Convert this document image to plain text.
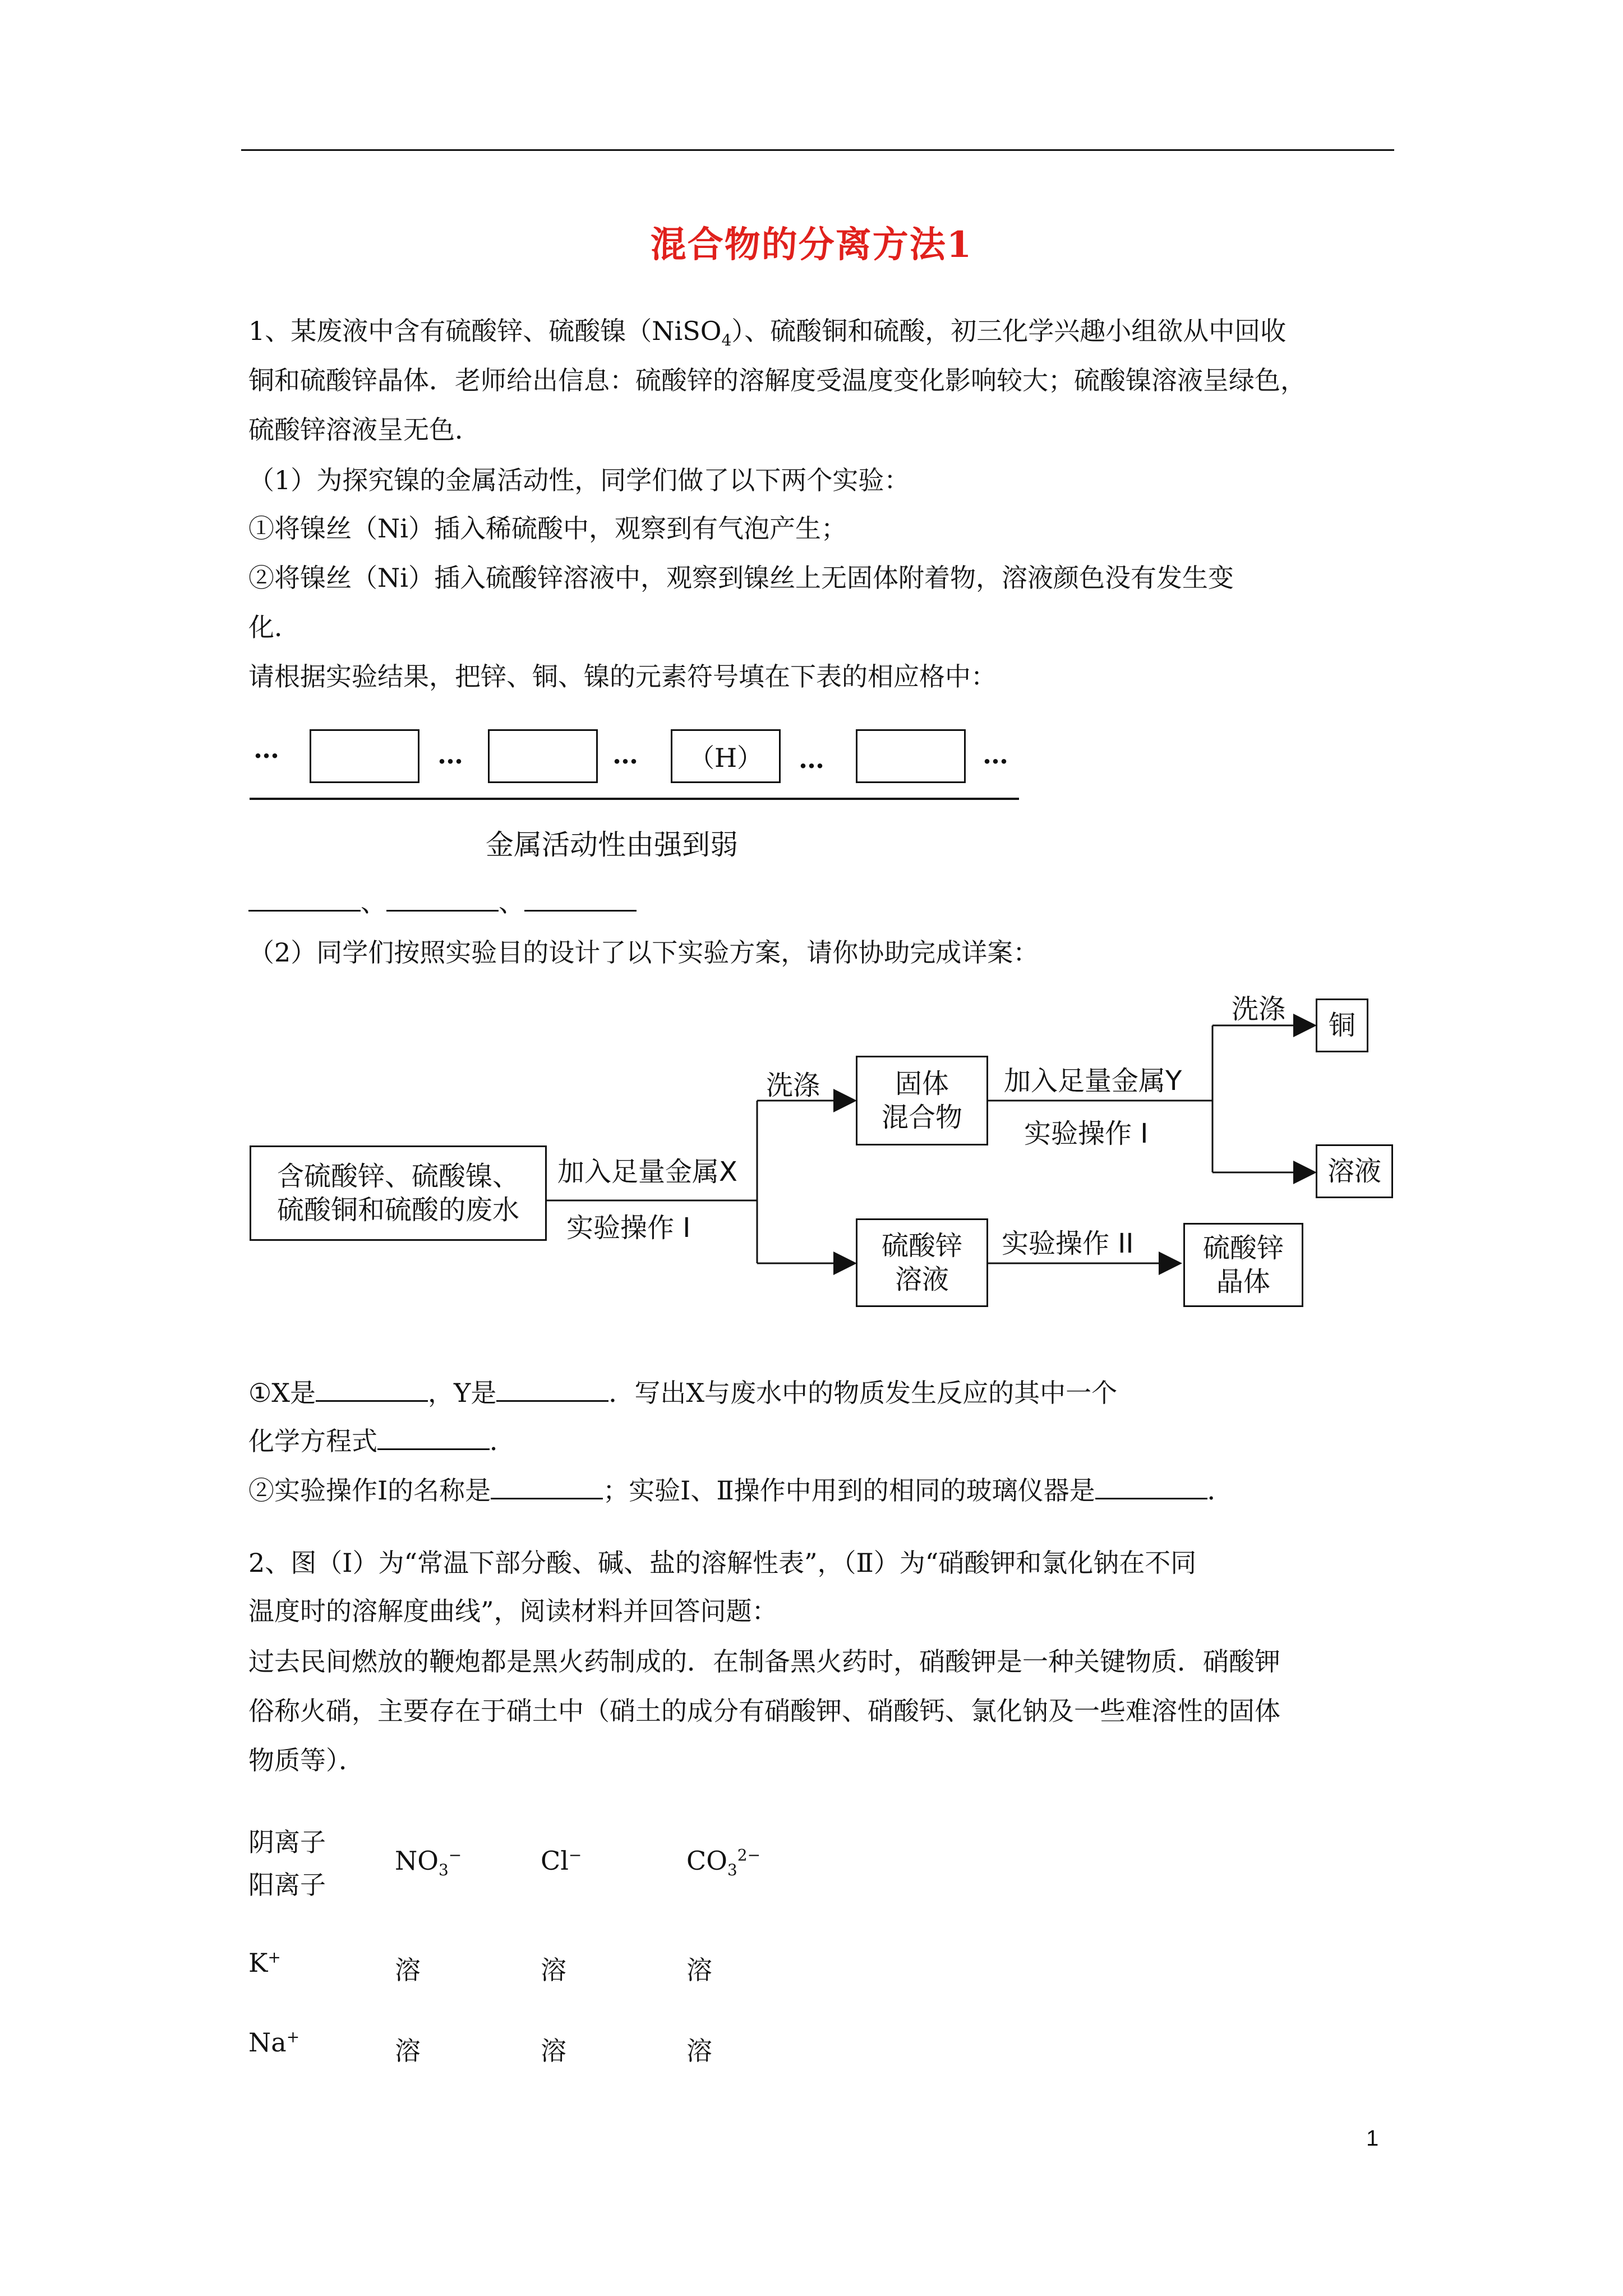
混合物的分离方法1
1、某废液中含有硫酸锌、硫酸镍（NiSO$_4$）、硫酸铜和硫酸，初三化学兴趣小组欲从中回收
铜和硫酸锌晶体．老师给出信息：硫酸锌的溶解度受温度变化影响较大；硫酸镍溶液呈绿色，
硫酸锌溶液呈无色．
（1）为探究镍的金属活动性，同学们做了以下两个实验：
①将镍丝（Ni）插入稀硫酸中，观察到有气泡产生；
②将镍丝（Ni）插入硫酸锌溶液中，观察到镍丝上无固体附着物，溶液颜色没有发生变
化．
请根据实验结果，把锌、铜、镍的元素符号填在下表的相应格中：
…	…	…	（H）	…	…
金属活动性由强到弱
、	、
（2）同学们按照实验目的设计了以下实验方案，请你协助完成详案：
含硫酸锌、硫酸镍、
硫酸铜和硫酸的废水
加入足量金属X
实验操作 I
洗涤	固体
混合物
加入足量金属Y
实验操作 I
洗涤
铜
溶液
硫酸锌
溶液
实验操作 II	硫酸锌
晶体
①X是	，Y是	．写出X与废水中的物质发生反应的其中一个
化学方程式	．
②实验操作Ⅰ的名称是	；实验Ⅰ、Ⅱ操作中用到的相同的玻璃仪器是	．
2、图（Ⅰ）为“常温下部分酸、碱、盐的溶解性表”，（Ⅱ）为“硝酸钾和氯化钠在不同
温度时的溶解度曲线”，阅读材料并回答问题：
过去民间燃放的鞭炮都是黑火药制成的．在制备黑火药时，硝酸钾是一种关键物质．硝酸钾
俗称火硝，主要存在于硝土中（硝土的成分有硝酸钾、硝酸钙、氯化钠及一些难溶性的固体
物质等）．
阴离子
阳离子
$NO_3^-$	Cl−	$CO_3^{2-}$
K+	溶	溶	溶
Na+	溶	溶	溶
1
